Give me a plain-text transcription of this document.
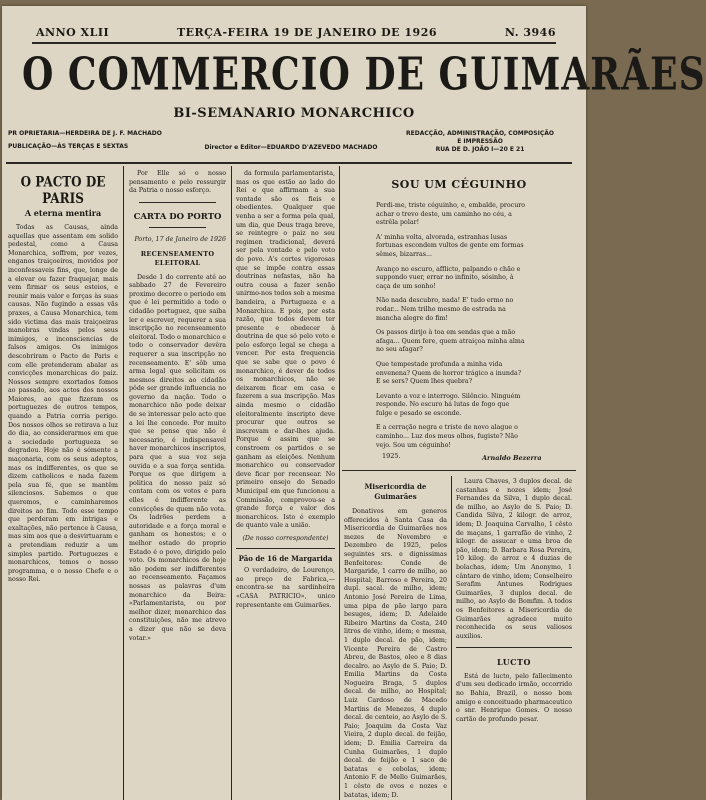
ANNO XLII	TERÇA-FEIRA 19 DE JANEIRO DE 1926	N. 3946
O COMMERCIO DE GUIMARÃES
BI-SEMANARIO MONARCHICO
PR OPRIETARIA—HERDEIRA DE J. F. MACHADO
PUBLICAÇÃO—ÀS TERÇAS E SEXTAS	Director e Editor—EDUARDO D'AZEVEDO MACHADO
REDACÇÃO, ADMINISTRAÇÃO, COMPOSIÇÃO
E IMPRESSÃO
RUA DE D. JOÃO I—20 E 21
O PACTO DE PARIS
A eterna mentira

Todas as Causas, ainda aquellas que assentam em solido pedestal, como a Causa Monarchica, soffrem, por vezes, enganos traiçoeiros, movidos por inconfessaveis fins, que, longe de a elevar ou fazer fraquejar, mais vem firmar os seus esteios, e reunir mais valor e forças às suas causas. Não fugindo a essas vãs praxes, a Causa Monarchica, tem sido victima das mais traiçoeiras manobras vindas pelos seus inimigos, e inconsciencias de falsos amigos. Os inimigos descobriram o Pacto de Paris e com elle pretenderam abalar as convicções monarchicas do paiz. Nossos sempre exortados fomos ao passado, aos actos dos nossos Maiores, ao que fizeram os portuguezes de outros tempos, quando a Patria corria perigo. Dos nossos olhos se retirava a luz do dia, ao considerarmos em que a sociedade portugueza se degradou. Hoje não é sómente a maçonaria, com os seus adeptos, mas os indifferentes, os que se dizem catholicos e nada fazem pela sua fé, que se mantêm silenciosos. Sabemos o que queremos, e caminharemos direitos ao fim. Todo esse tempo que perderam em intrigas e exaltações, não pertence à Causa, mas sim aos que a desvirtuaram e a pretendiam reduzir a um simples partido. Portuguezes e monarchicos, temos o nosso programma, e o nosso Chefe e o nosso Rei.

Por Elle só o nosso pensamento e pelo ressurgir da Patria o nosso esforço.

CARTA DO PORTO
Porto, 17 de Janeiro de 1926
RECENSEAMENTO ELEITORAL

Desde 1 do corrente até ao sabbado 27 de Fevereiro proximo decorre o periodo em que é lei permitido a todo o cidadão portuguez, que saiba ler e escrever, requerer a sua inscripção no recenseamento eleitoral. Todo o monarchico e todo o conservador devêra requerer a sua inscripção no recenseamento. E' sôb uma arma legal que solicitam os mesmos direitos ao cidadão pôde ser grande influencia no governo da nação. Todo o monarchico não pode deixar de se interessar pelo acto que a lei lhe concede. Por muito que se pense que não é necessario, é indispensavel haver monarchicos inscriptos, para que a sua voz seja ouvida e a sua força sentida. Porque os que dirigem a politica do nosso paiz só contam com os votos e para elles é indifferente as convicções de quem não vota. Os ladrões perdem a autoridade e a força moral e ganham os honestos; e o melhor estado do proprio Estado é o povo, dirigido pelo voto. Os monarchicos de hoje não podem ser indifferentes ao recenseamento. Façamos nossas as palavras d'um monarchico da Beira: «Parlamentarista, ou por melhor dizer, monarchico das constituições, não me atrevo a dizer que não se deva votar.»

da formula parlamentarista, mas os que estão ao lado do Rei e que affirmam a sua vontade são os fieis e obedientes. Qualquer que venha a ser a forma pela qual, um dia, que Deus traga breve, se reintegre o paiz no seu regimen tradicional, deverá ser pela vontade e pelo voto do povo. A's cortes vigorosas que se impõe contra essas doutrinas nefastas, não ha outra cousa a fazer senão unirmo-nos todos sob a mesma bandeira, a Portugueza e a Monarchica. E pois, por esta razão, que todos devem ter presente e obedecer à doutrina de que só pelo voto e pelo esforço legal se chega a vencer. Por esta frequencia que se sabe que o povo é monarchico, é dever de todos os monarchicos, não se deixarem ficar em casa e fazerem a sua inscripção. Mas ainda mesmo o cidadão eleitoralmente inscripto deve procurar que outros se inscrevam e dar-lhes ajuda. Porque é assim que se constroem os partidos e se ganham as eleições. Nenhum monarchico ou conservador deve ficar por recensear. No primeiro ensejo do Senado Municipal em que funcionou a Commissão, comprovou-se a grande força e valor dos monarchicos. Isto é exemplo de quanto vale a união.

(De nosso correspondente)
Pão de 16 de Margarida

O verdadeiro, de Lourenço, ao preço de Fabrica,—encontra-se na sardinheira «CASA PATRICIO», unico representante em Guimarães.

SOU UM CÉGUINHO

Perdi-me, triste céguinho, e, embalde, procuro achar o trevo deste, um caminho no céu, a estrêla polar!

A' minha volta, alvorada, estranhas lusas fortunas escondem vultos de gente em formas sêmes, bizarras...

Avanço no escuro, afflicto, palpando o chão e suppondo vuer, errar no infinito, sósinho, à caça de um sonho!

Não nada descubro, nada! E' tudo ermo no rodar... Nem trilho mesmo de estrada na mancha alegre do fim!

Os passos dirijo à toa em sendas que a mão afaga... Quem fere, quem atraiçoa minha alma no seu afagar?

Que tempestade profunda a minha vida envenena? Quem de horror trágico a inunda? E se sers? Quem lhes quebra?

Levanto a voz e interrogo. Silêncio. Ninguém responde. No escuro há lutas de fogo que fulge e pesado se esconde.

E a cerração negra e triste de novo alague o caminho... Luz dos meus olhos, fugiste? Não vejo. Sou um céguinho!

1925.	Arnaldo Bezerra
Misericordia de Guimarães

Donativos em generos offerecidos à Santa Casa da Misericordia de Guimarães nos mezes de Novembro e Dezembro de 1925, pelos seguintes srs. e dignissimas Benfeitores: Conde de Margaride, 1 carro de milho, ao Hospital; Barroso e Pereira, 20 dupl. sacal. de milho, idem; Antonio José Pereira de Lima, uma pipa de pão largo para besuges, idem; D. Adelaide Ribeiro Martins da Costa, 240 litros de vinho, idem; e mesma, 1 duplo decal. de pão, idem; Vicente Pereira de Castro Abreu, de Bastos, oleo e 8 dias decalro. ao Asylo de S. Paio; D. Emilia Martins da Costa Nogueira Braga, 5 duplos decal. de milho, ao Hospital; Luiz Cardoso de Macedo Martins de Menezes, 4 duplo decal. de centeio, ao Asylo de S. Paio; Joaquim da Costa Vaz Vieira, 2 duplo decal. de feijão, idem; D. Emilia Carreira da Cunha Guimarães, 1 duplo decal. de feijão e 1 saco de batatas e cebolas, idem; Antonio F. de Mello Guimarães, 1 cêsto de ovos e nozes e batatas, idem; D.

Laura Chaves, 3 duplos decal. de castanhas e nozes idem; José Fernandes da Silva, 1 duplo decal. de milho, ao Asylo de S. Paio; D. Candida Silva, 2 kilogr. de arroz, idem; D. Joaquina Carvalho, 1 cêsto de maçans, 1 garrafão de vinho, 2 kilogr. de assucar e uma broa de pão, idem; D. Barbara Rosa Pereira, 10 kilog. de arroz e 4 duzias de bolachas, idem; Um Anonymo, 1 cântaro de vinho, idem; Conselheiro Serafim Antunes Rodrigues Guimarães, 3 duplos decal. de milho, ao Asylo de Bomfim. A todos os Benfeitores a Misericordia de Guimarães agradece muito reconhecida os seus valiosos auxilios.

LUCTO

Está de lucto, pelo fallecimento d'um seu dedicado irmão, occorrido no Bahia, Brazil, o nosso bom amigo e conceituado pharmaceutico o snr. Henrique Gomes. O nosso cartão de profundo pesar.
